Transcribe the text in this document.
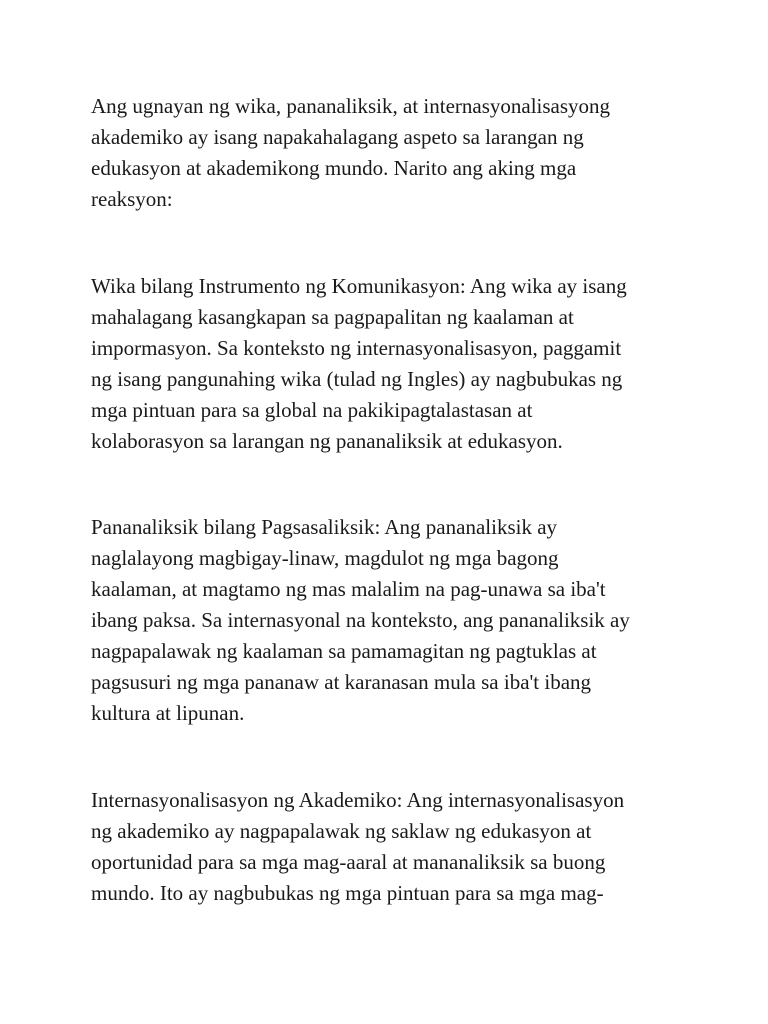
Ang ugnayan ng wika, pananaliksik, at internasyonalisasyong
akademiko ay isang napakahalagang aspeto sa larangan ng
edukasyon at akademikong mundo. Narito ang aking mga
reaksyon:

Wika bilang Instrumento ng Komunikasyon: Ang wika ay isang
mahalagang kasangkapan sa pagpapalitan ng kaalaman at
impormasyon. Sa konteksto ng internasyonalisasyon, paggamit
ng isang pangunahing wika (tulad ng Ingles) ay nagbubukas ng
mga pintuan para sa global na pakikipagtalastasan at
kolaborasyon sa larangan ng pananaliksik at edukasyon.

Pananaliksik bilang Pagsasaliksik: Ang pananaliksik ay
naglalayong magbigay-linaw, magdulot ng mga bagong
kaalaman, at magtamo ng mas malalim na pag-unawa sa iba't
ibang paksa. Sa internasyonal na konteksto, ang pananaliksik ay
nagpapalawak ng kaalaman sa pamamagitan ng pagtuklas at
pagsusuri ng mga pananaw at karanasan mula sa iba't ibang
kultura at lipunan.

Internasyonalisasyon ng Akademiko: Ang internasyonalisasyon
ng akademiko ay nagpapalawak ng saklaw ng edukasyon at
oportunidad para sa mga mag-aaral at mananaliksik sa buong
mundo. Ito ay nagbubukas ng mga pintuan para sa mga mag-
